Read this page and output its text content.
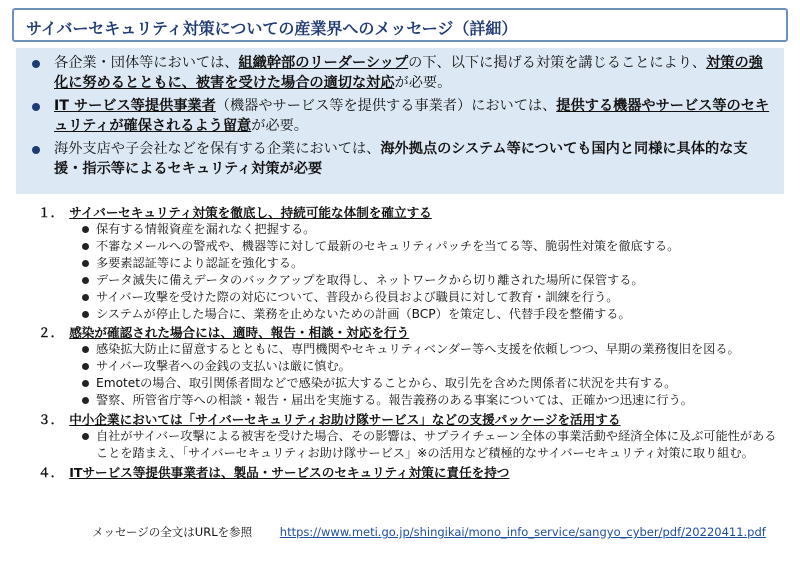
サイバーセキュリティ対策についての産業界へのメッセージ（詳細）
各企業・団体等においては、組織幹部のリーダーシップの下、以下に掲げる対策を講じることにより、対策の強化に努めるとともに、被害を受けた場合の適切な対応が必要。
IT サービス等提供事業者（機器やサービス等を提供する事業者）においては、提供する機器やサービス等のセキュリティが確保されるよう留意が必要。
海外支店や子会社などを保有する企業においては、海外拠点のシステム等についても国内と同様に具体的な支援・指示等によるセキュリティ対策が必要
１． サイバーセキュリティ対策を徹底し、持続可能な体制を確立する
保有する情報資産を漏れなく把握する。
不審なメールへの警戒や、機器等に対して最新のセキュリティパッチを当てる等、脆弱性対策を徹底する。
多要素認証等により認証を強化する。
データ滅失に備えデータのバックアップを取得し、ネットワークから切り離された場所に保管する。
サイバー攻撃を受けた際の対応について、普段から役員および職員に対して教育・訓練を行う。
システムが停止した場合に、業務を止めないための計画（BCP）を策定し、代替手段を整備する。
２． 感染が確認された場合には、適時、報告・相談・対応を行う
感染拡大防止に留意するとともに、専門機関やセキュリティベンダー等へ支援を依頼しつつ、早期の業務復旧を図る。
サイバー攻撃者への金銭の支払いは厳に慎む。
Emotetの場合、取引関係者間などで感染が拡大することから、取引先を含めた関係者に状況を共有する。
警察、所管省庁等への相談・報告・届出を実施する。報告義務のある事案については、正確かつ迅速に行う。
３． 中小企業においては「サイバーセキュリティお助け隊サービス」などの支援パッケージを活用する
自社がサイバー攻撃による被害を受けた場合、その影響は、サプライチェーン全体の事業活動や経済全体に及ぶ可能性があることを踏まえ、「サイバーセキュリティお助け隊サービス」※の活用など積極的なサイバーセキュリティ対策に取り組む。
４． ITサービス等提供事業者は、製品・サービスのセキュリティ対策に責任を持つ
メッセージの全文はURLを参照 https://www.meti.go.jp/shingikai/mono_info_service/sangyo_cyber/pdf/20220411.pdf
